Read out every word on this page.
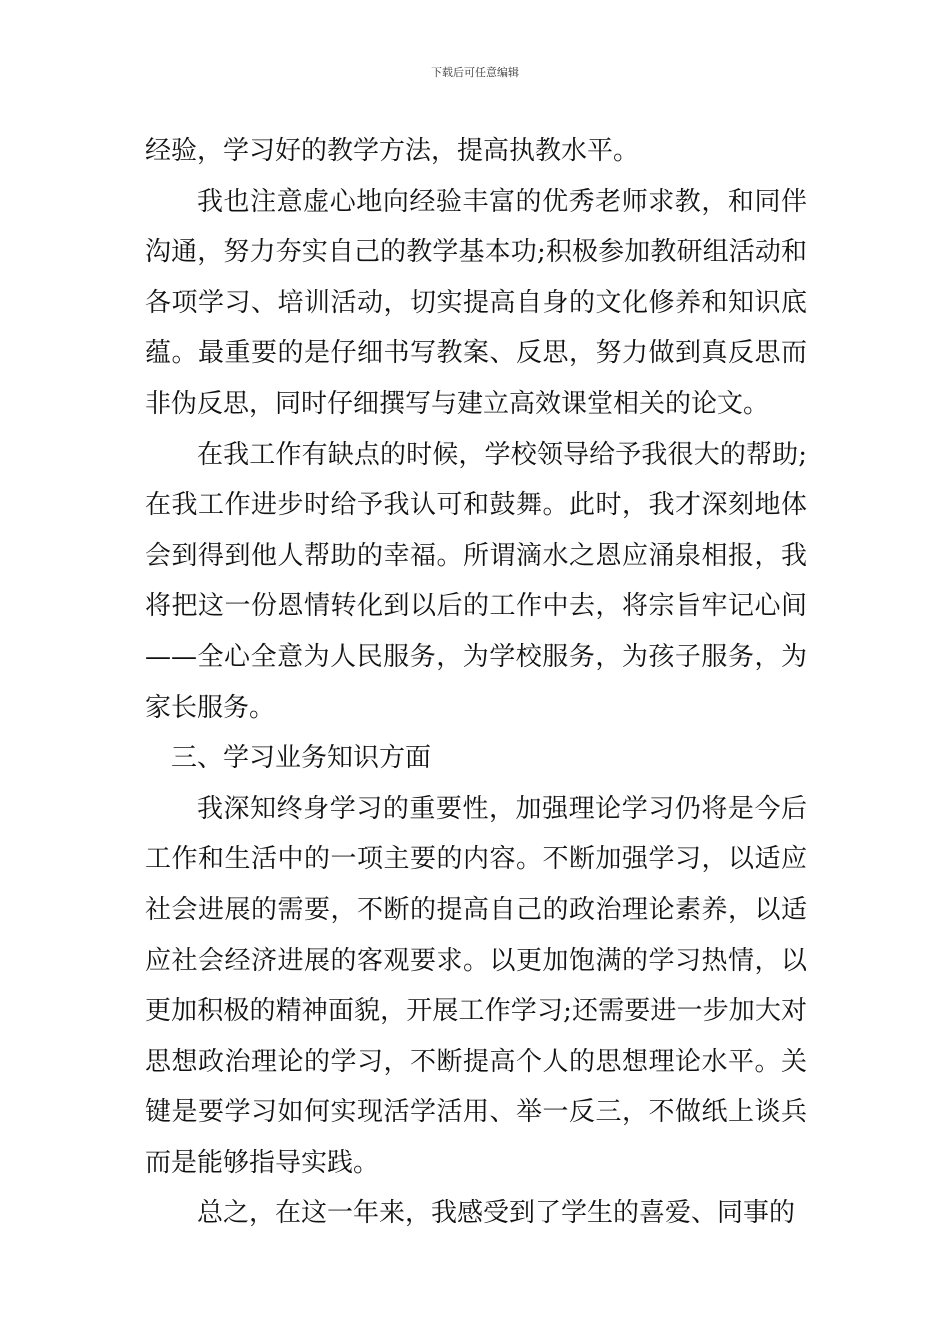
下载后可任意编辑

经验，学习好的教学方法，提高执教水平。

我也注意虚心地向经验丰富的优秀老师求教，和同伴沟通，努力夯实自己的教学基本功;积极参加教研组活动和各项学习、培训活动，切实提高自身的文化修养和知识底蕴。最重要的是仔细书写教案、反思，努力做到真反思而非伪反思，同时仔细撰写与建立高效课堂相关的论文。

在我工作有缺点的时候，学校领导给予我很大的帮助;在我工作进步时给予我认可和鼓舞。此时，我才深刻地体会到得到他人帮助的幸福。所谓滴水之恩应涌泉相报，我将把这一份恩情转化到以后的工作中去，将宗旨牢记心间——全心全意为人民服务，为学校服务，为孩子服务，为家长服务。

三、学习业务知识方面

我深知终身学习的重要性，加强理论学习仍将是今后工作和生活中的一项主要的内容。不断加强学习，以适应社会进展的需要，不断的提高自己的政治理论素养，以适应社会经济进展的客观要求。以更加饱满的学习热情，以更加积极的精神面貌，开展工作学习;还需要进一步加大对思想政治理论的学习，不断提高个人的思想理论水平。关键是要学习如何实现活学活用、举一反三，不做纸上谈兵而是能够指导实践。

总之，在这一年来，我感受到了学生的喜爱、同事的
